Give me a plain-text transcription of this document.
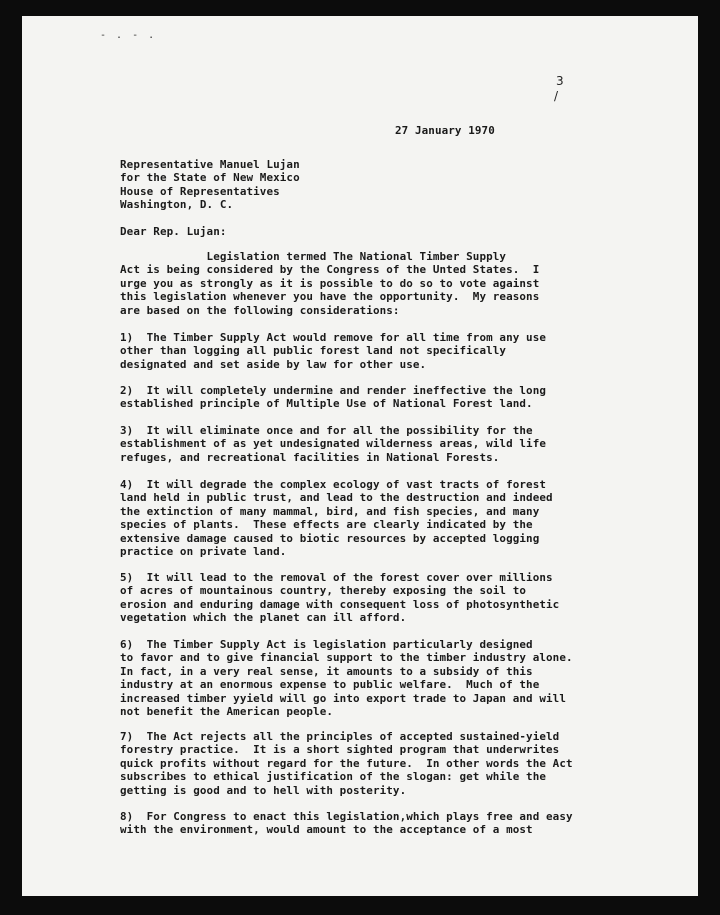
- . - .
3
/
27 January 1970
Representative Manuel Lujan
for the State of New Mexico
House of Representatives
Washington, D. C.
Dear Rep. Lujan:
Legislation termed The National Timber Supply
Act is being considered by the Congress of the Unted States.  I
urge you as strongly as it is possible to do so to vote against
this legislation whenever you have the opportunity.  My reasons
are based on the following considerations:
1)  The Timber Supply Act would remove for all time from any use
other than logging all public forest land not specifically
designated and set aside by law for other use.
2)  It will completely undermine and render ineffective the long
established principle of Multiple Use of National Forest land.
3)  It will eliminate once and for all the possibility for the
establishment of as yet undesignated wilderness areas, wild life
refuges, and recreational facilities in National Forests.
4)  It will degrade the complex ecology of vast tracts of forest
land held in public trust, and lead to the destruction and indeed
the extinction of many mammal, bird, and fish species, and many
species of plants.  These effects are clearly indicated by the
extensive damage caused to biotic resources by accepted logging
practice on private land.
5)  It will lead to the removal of the forest cover over millions
of acres of mountainous country, thereby exposing the soil to
erosion and enduring damage with consequent loss of photosynthetic
vegetation which the planet can ill afford.
6)  The Timber Supply Act is legislation particularly designed
to favor and to give financial support to the timber industry alone.
In fact, in a very real sense, it amounts to a subsidy of this
industry at an enormous expense to public welfare.  Much of the
increased timber yyield will go into export trade to Japan and will
not benefit the American people.
7)  The Act rejects all the principles of accepted sustained-yield
forestry practice.  It is a short sighted program that underwrites
quick profits without regard for the future.  In other words the Act
subscribes to ethical justification of the slogan: get while the
getting is good and to hell with posterity.
8)  For Congress to enact this legislation,which plays free and easy
with the environment, would amount to the acceptance of a most
